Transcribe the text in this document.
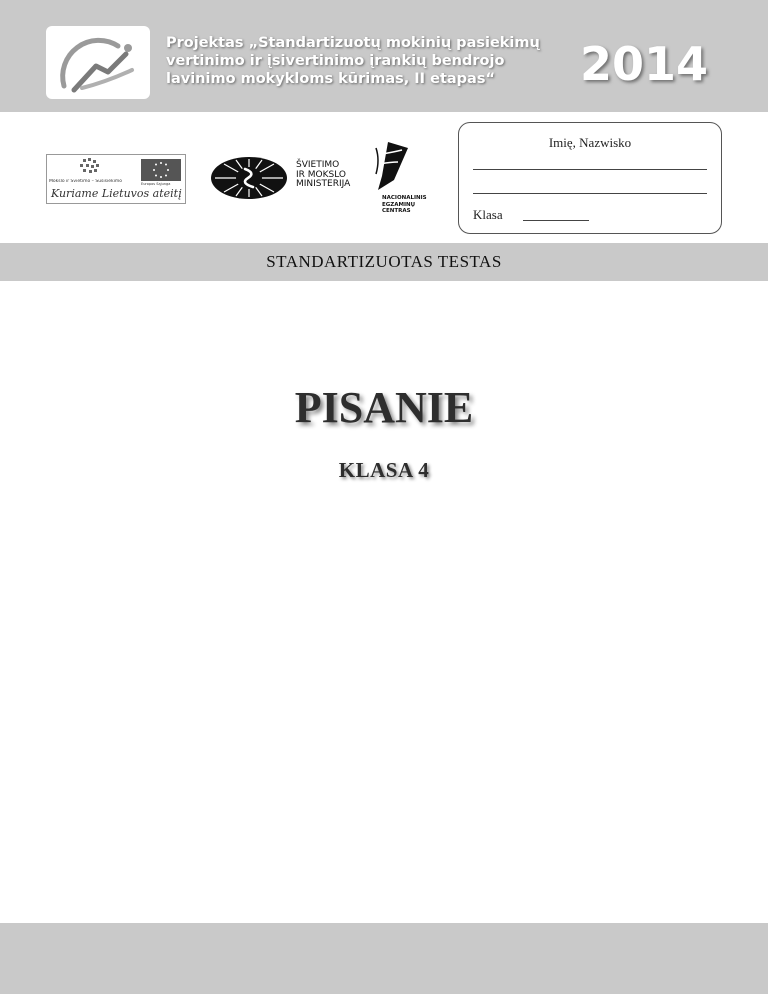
Projektas „Standartizuotų mokinių pasiekimų vertinimo ir įsivertinimo įrankių bendrojo lavinimo mokykloms kūrimas, II etapas“	2014
Mokslo ir Švietimo – Susisiekimo	Europos Sąjunga
Kuriame Lietuvos ateitį

ŠVIETIMO
IR MOKSLO
MINISTERIJA

NACIONALINIS
EGZAMINŲ
CENTRAS

Imię, Nazwisko
Klasa
STANDARTIZUOTAS TESTAS
PISANIE
KLASA 4
